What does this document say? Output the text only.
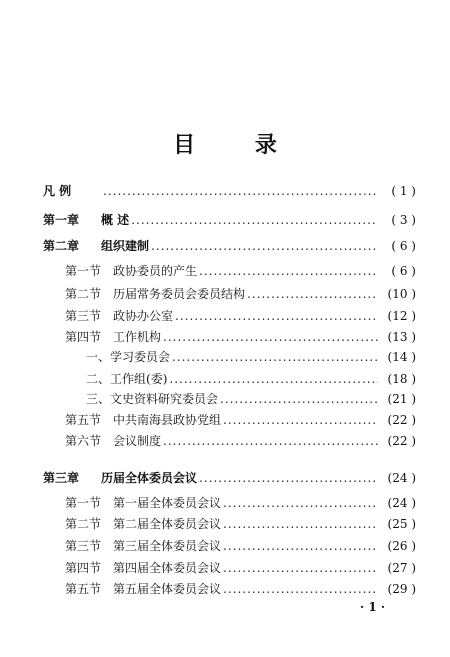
目 录
凡 例 .....	( 1 )
第一章	概 述 .....	( 3 )
第二章	组织建制 .....	( 6 )
第一节 政协委员的产生 .....	( 6 )
第二节 历届常务委员会委员结构 .....	(10 )
第三节 政协办公室 .....	(12 )
第四节 工作机构 .....	(13 )
一、 学习委员会 .....	(14 )
二、 工作组(委) .....	(18 )
三、 文史资料研究委员会 .....	(21 )
第五节 中共南海县政协党组 .....	(22 )
第六节 会议制度 .....	(22 )
第三章	历届全体委员会议 .....	(24 )
第一节 第一届全体委员会议 .....	(24 )
第二节 第二届全体委员会议 .....	(25 )
第三节 第三届全体委员会议 .....	(26 )
第四节 第四届全体委员会议 .....	(27 )
第五节 第五届全体委员会议 .....	(29 )
· 1 ·
